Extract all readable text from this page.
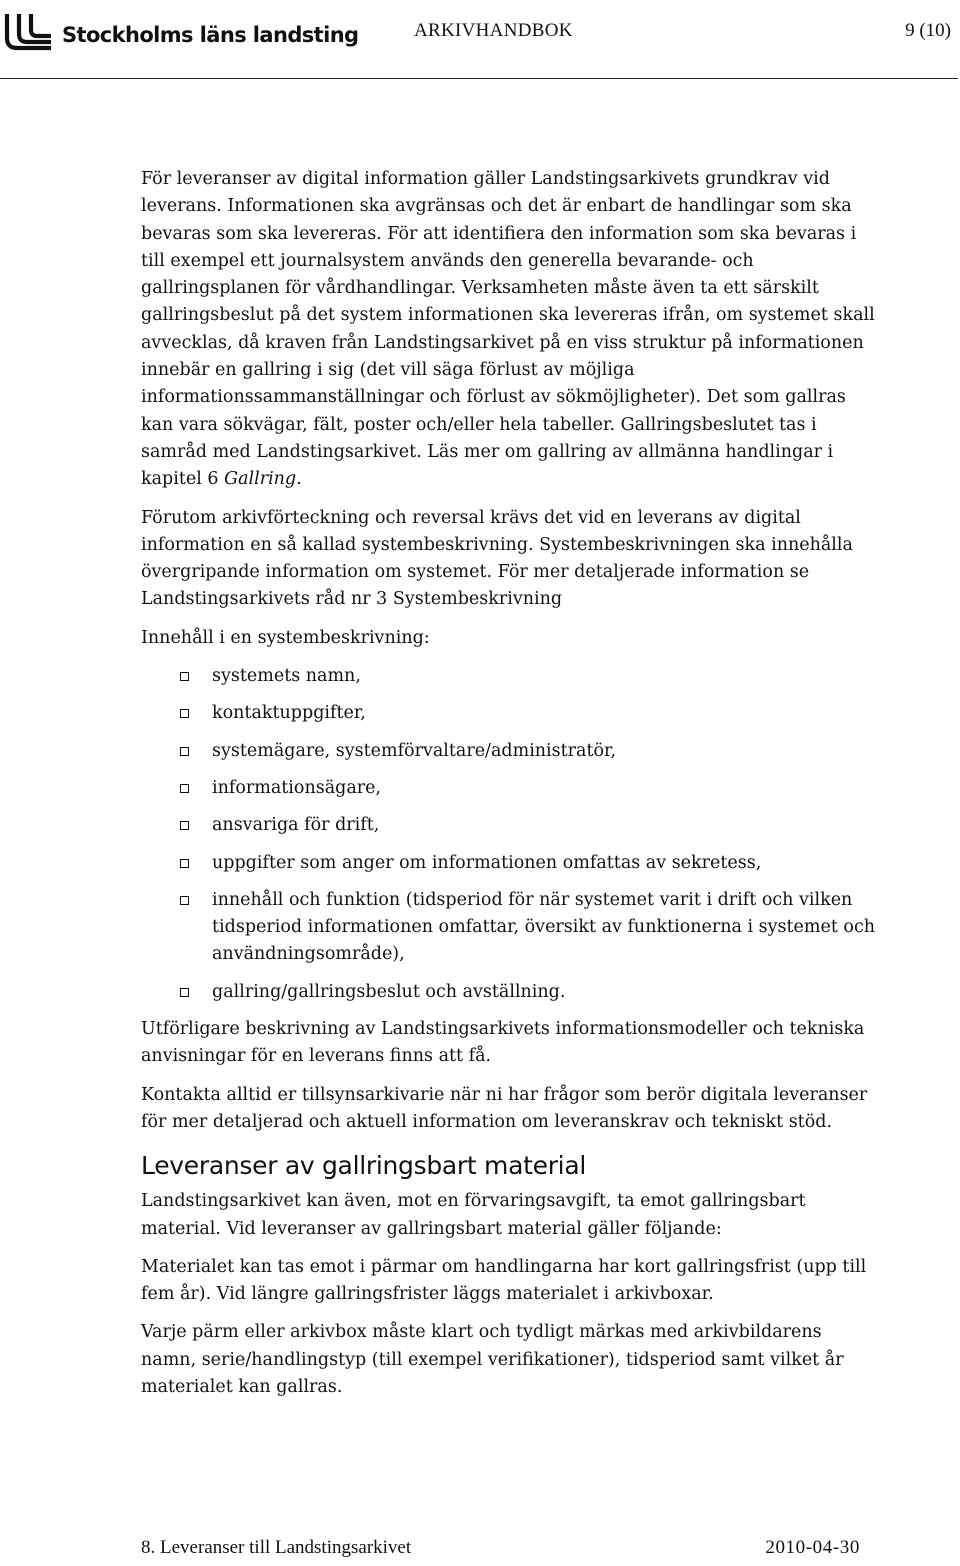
Stockholms läns landsting	ARKIVHANDBOK	9 (10)

För leveranser av digital information gäller Landstingsarkivets grundkrav vid leverans. Informationen ska avgränsas och det är enbart de handlingar som ska bevaras som ska levereras. För att identifiera den information som ska bevaras i till exempel ett journalsystem används den generella bevarande- och gallringsplanen för vårdhandlingar. Verksamheten måste även ta ett särskilt gallringsbeslut på det system informationen ska levereras ifrån, om systemet skall avvecklas, då kraven från Landstingsarkivet på en viss struktur på informationen innebär en gallring i sig (det vill säga förlust av möjliga informationssammanställningar och förlust av sökmöjligheter). Det som gallras kan vara sökvägar, fält, poster och/eller hela tabeller. Gallringsbeslutet tas i samråd med Landstingsarkivet. Läs mer om gallring av allmänna handlingar i kapitel 6 Gallring.

Förutom arkivförteckning och reversal krävs det vid en leverans av digital information en så kallad systembeskrivning. Systembeskrivningen ska innehålla övergripande information om systemet. För mer detaljerade information se Landstingsarkivets råd nr 3 Systembeskrivning

Innehåll i en systembeskrivning:

systemets namn,
kontaktuppgifter,
systemägare, systemförvaltare/administratör,
informationsägare,
ansvariga för drift,
uppgifter som anger om informationen omfattas av sekretess,
innehåll och funktion (tidsperiod för när systemet varit i drift och vilken tidsperiod informationen omfattar, översikt av funktionerna i systemet och användningsområde),
gallring/gallringsbeslut och avställning.

Utförligare beskrivning av Landstingsarkivets informationsmodeller och tekniska anvisningar för en leverans finns att få.

Kontakta alltid er tillsynsarkivarie när ni har frågor som berör digitala leveranser för mer detaljerad och aktuell information om leveranskrav och tekniskt stöd.

Leveranser av gallringsbart material

Landstingsarkivet kan även, mot en förvaringsavgift, ta emot gallringsbart material. Vid leveranser av gallringsbart material gäller följande:

Materialet kan tas emot i pärmar om handlingarna har kort gallringsfrist (upp till fem år). Vid längre gallringsfrister läggs materialet i arkivboxar.

Varje pärm eller arkivbox måste klart och tydligt märkas med arkivbildarens namn, serie/handlingstyp (till exempel verifikationer), tidsperiod samt vilket år materialet kan gallras.

8. Leveranser till Landstingsarkivet	2010-04-30
